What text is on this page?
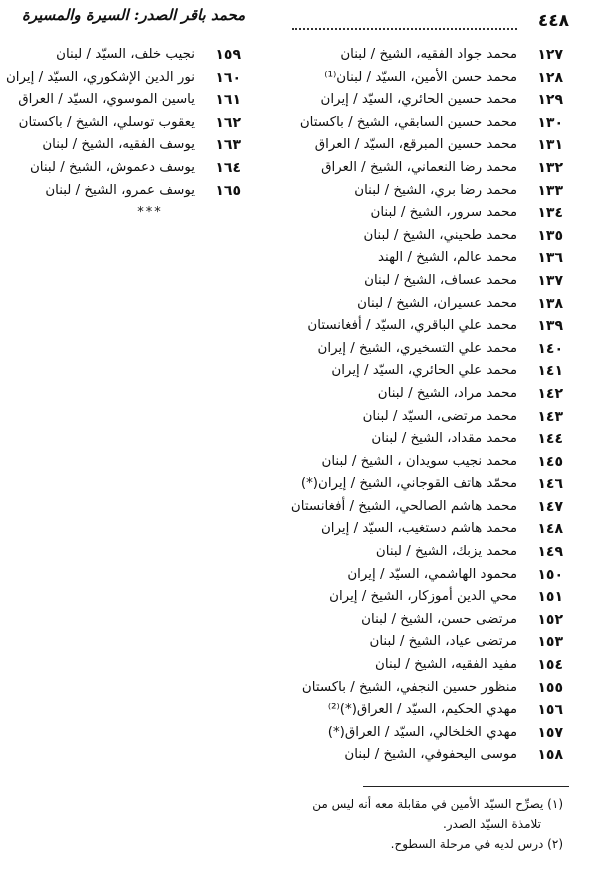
٤٤٨
محمد باقر الصدر: السيرة والمسيرة
١٢٧
محمد جواد الفقيه، الشيخ / لبنان
١٢٨
محمد حسن الأمين، السيّد / لبنان⁽¹⁾
١٢٩
محمد حسين الحائري، السيّد / إيران
١٣٠
محمد حسين السابقي، الشيخ / باكستان
١٣١
محمد حسين المبرقع، السيّد / العراق
١٣٢
محمد رضا النعماني، الشيخ / العراق
١٣٣
محمد رضا بري، الشيخ / لبنان
١٣٤
محمد سرور، الشيخ / لبنان
١٣٥
محمد طحيني، الشيخ / لبنان
١٣٦
محمد عالم، الشيخ / الهند
١٣٧
محمد عساف، الشيخ / لبنان
١٣٨
محمد عسيران، الشيخ / لبنان
١٣٩
محمد علي الباقري، السيّد / أفغانستان
١٤٠
محمد علي التسخيري، الشيخ / إيران
١٤١
محمد علي الحائري، السيّد / إيران
١٤٢
محمد مراد، الشيخ / لبنان
١٤٣
محمد مرتضى، السيّد / لبنان
١٤٤
محمد مقداد، الشيخ / لبنان
١٤٥
محمد نجيب سويدان ، الشيخ / لبنان
١٤٦
محمّد هاتف القوجاني، الشيخ / إيران(*)
١٤٧
محمد هاشم الصالحي، الشيخ / أفغانستان
١٤٨
محمد هاشم دستغيب، السيّد / إيران
١٤٩
محمد يزبك، الشيخ / لبنان
١٥٠
محمود الهاشمي، السيّد / إيران
١٥١
محي الدين أموزكار، الشيخ / إيران
١٥٢
مرتضى حسن، الشيخ / لبنان
١٥٣
مرتضى عياد، الشيخ / لبنان
١٥٤
مفيد الفقيه، الشيخ / لبنان
١٥٥
منظور حسين النجفي، الشيخ / باكستان
١٥٦
مهدي الحكيم، السيّد / العراق(*)⁽²⁾
١٥٧
مهدي الخلخالي، السيّد / العراق(*)
١٥٨
موسى اليحفوفي، الشيخ / لبنان
١٥٩
نجيب خلف، السيّد / لبنان
١٦٠
نور الدين الإشكوري، السيّد / إيران
١٦١
ياسين الموسوي، السيّد / العراق
١٦٢
يعقوب توسلي، الشيخ / باكستان
١٦٣
يوسف الفقيه، الشيخ / لبنان
١٦٤
يوسف دعموش، الشيخ / لبنان
١٦٥
يوسف عمرو، الشيخ / لبنان
***

(١) يصرِّح السيّد الأمين في مقابلة معه أنه ليس من

تلامذة السيّد الصدر.

(٢) درس لديه في مرحلة السطوح.
